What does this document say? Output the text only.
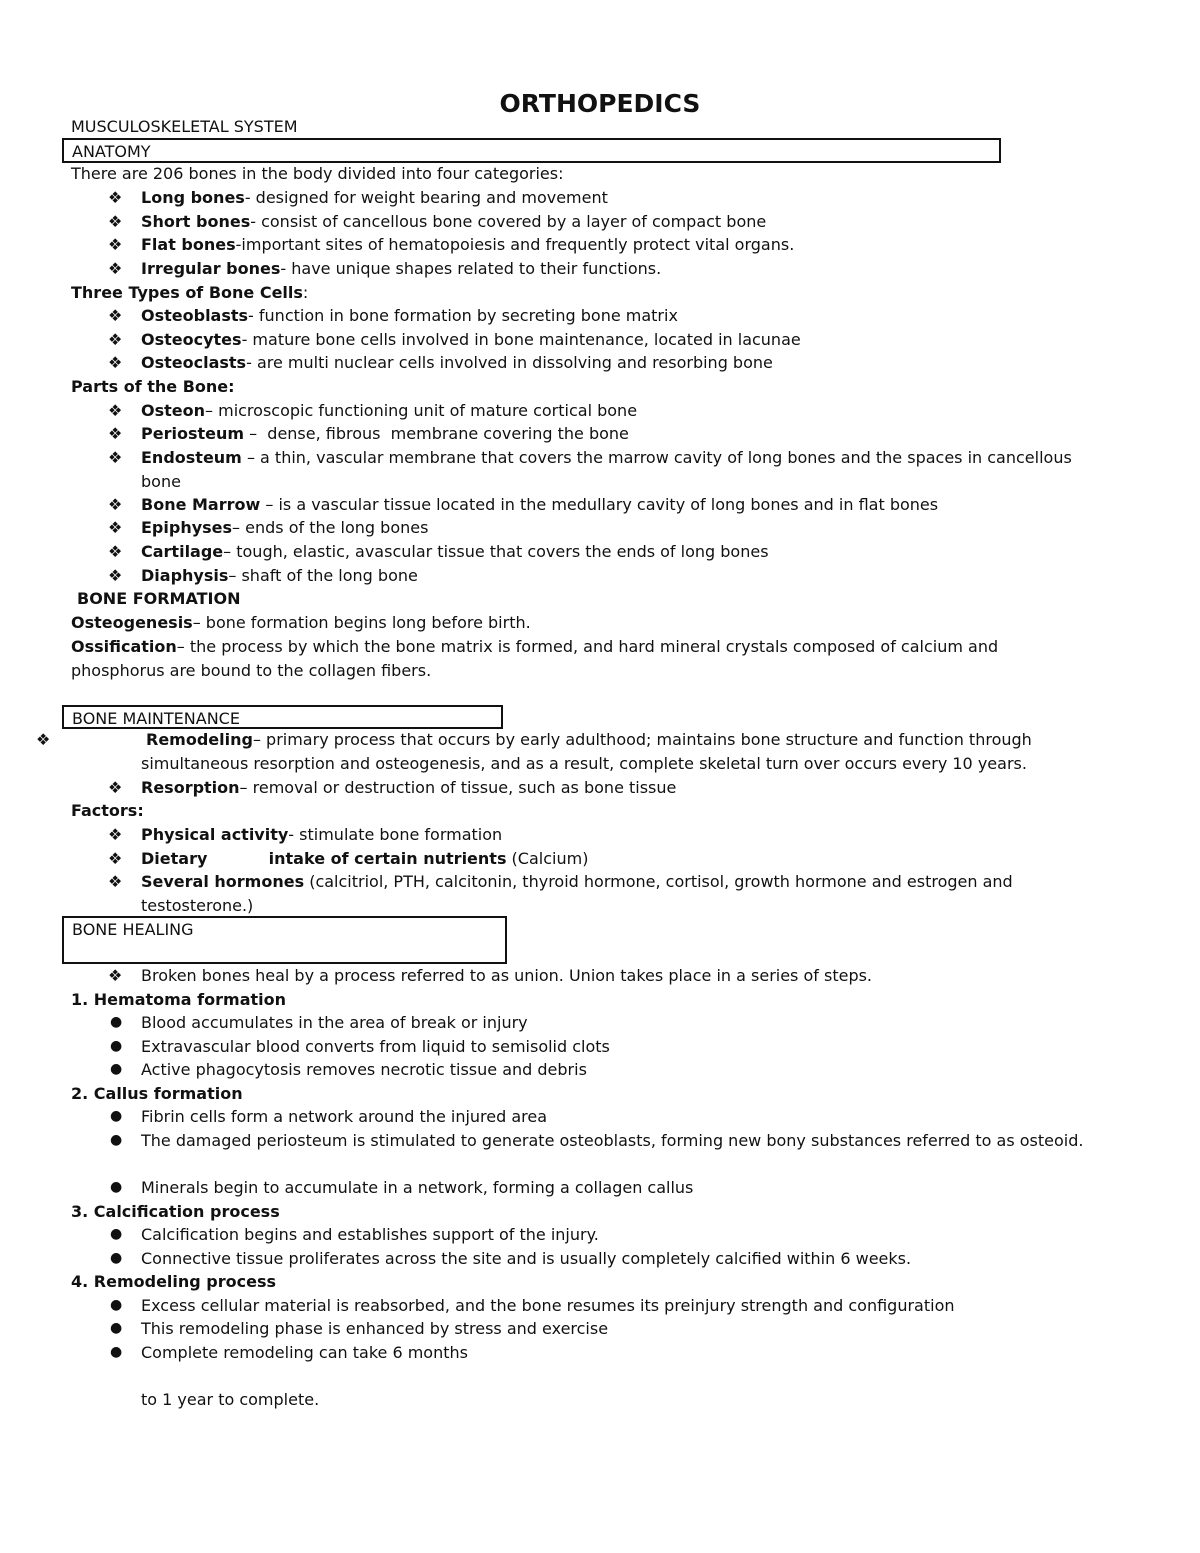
ORTHOPEDICS
MUSCULOSKELETAL SYSTEM
ANATOMY
There are 206 bones in the body divided into four categories:
❖ Long bones- designed for weight bearing and movement
❖ Short bones- consist of cancellous bone covered by a layer of compact bone
❖ Flat bones-important sites of hematopoiesis and frequently protect vital organs.
❖ Irregular bones- have unique shapes related to their functions.
Three Types of Bone Cells:
❖ Osteoblasts- function in bone formation by secreting bone matrix
❖ Osteocytes- mature bone cells involved in bone maintenance, located in lacunae
❖ Osteoclasts- are multi nuclear cells involved in dissolving and resorbing bone
Parts of the Bone:
❖ Osteon– microscopic functioning unit of mature cortical bone
❖ Periosteum –  dense, fibrous  membrane covering the bone
❖ Endosteum – a thin, vascular membrane that covers the marrow cavity of long bones and the spaces in cancellous bone
❖ Bone Marrow – is a vascular tissue located in the medullary cavity of long bones and in flat bones
❖ Epiphyses– ends of the long bones
❖ Cartilage– tough, elastic, avascular tissue that covers the ends of long bones
❖ Diaphysis– shaft of the long bone
BONE FORMATION
Osteogenesis– bone formation begins long before birth.
Ossification– the process by which the bone matrix is formed, and hard mineral crystals composed of calcium and phosphorus are bound to the collagen fibers.
BONE MAINTENANCE
❖	Remodeling– primary process that occurs by early adulthood; maintains bone structure and function through simultaneous resorption and osteogenesis, and as a result, complete skeletal turn over occurs every 10 years.
❖ Resorption– removal or destruction of tissue, such as bone tissue
Factors:
❖ Physical activity- stimulate bone formation
❖ Dietary           intake of certain nutrients (Calcium)
❖ Several hormones (calcitriol, PTH, calcitonin, thyroid hormone, cortisol, growth hormone and estrogen and testosterone.)
BONE HEALING
❖ Broken bones heal by a process referred to as union. Union takes place in a series of steps.
1. Hematoma formation
● Blood accumulates in the area of break or injury
● Extravascular blood converts from liquid to semisolid clots
● Active phagocytosis removes necrotic tissue and debris
2. Callus formation
● Fibrin cells form a network around the injured area
● The damaged periosteum is stimulated to generate osteoblasts, forming new bony substances referred to as osteoid.
● Minerals begin to accumulate in a network, forming a collagen callus
3. Calcification process
● Calcification begins and establishes support of the injury.
● Connective tissue proliferates across the site and is usually completely calcified within 6 weeks.
4. Remodeling process
● Excess cellular material is reabsorbed, and the bone resumes its preinjury strength and configuration
● This remodeling phase is enhanced by stress and exercise
● Complete remodeling can take 6 months
to 1 year to complete.
